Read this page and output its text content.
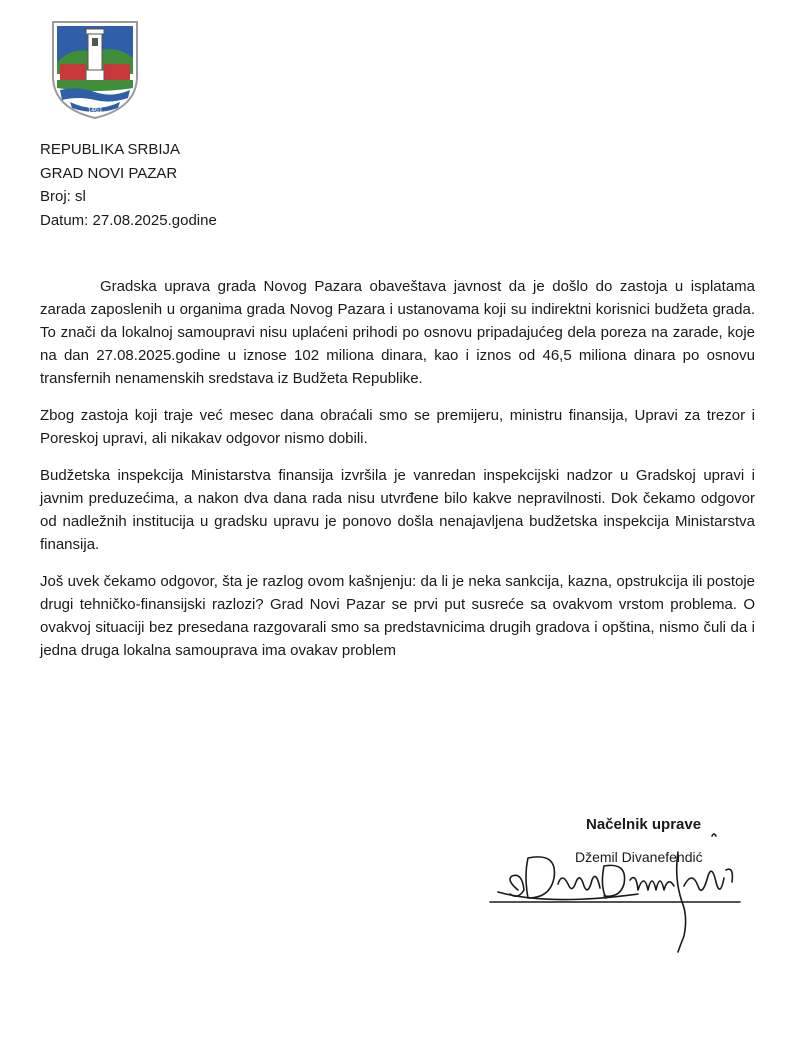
1461
REPUBLIKA SRBIJA
GRAD NOVI PAZAR
Broj: sl
Datum: 27.08.2025.godine

Gradska uprava grada Novog Pazara obaveštava javnost da je došlo do zastoja u isplatama zarada zaposlenih u organima grada Novog Pazara i ustanovama koji su indirektni korisnici budžeta grada. To znači da lokalnoj samoupravi nisu uplaćeni prihodi po osnovu pripadajućeg dela poreza na zarade, koje na dan 27.08.2025.godine u iznose 102 miliona dinara, kao i iznos od 46,5 miliona dinara po osnovu transfernih nenamenskih sredstava iz Budžeta Republike.

Zbog zastoja koji traje već mesec dana obraćali smo se premijeru, ministru finansija, Upravi za trezor i Poreskoj upravi, ali nikakav odgovor nismo dobili.

Budžetska inspekcija Ministarstva finansija izvršila je vanredan inspekcijski nadzor u Gradskoj upravi i javnim preduzećima, a nakon dva dana rada nisu utvrđene bilo kakve nepravilnosti. Dok čekamo odgovor od nadležnih institucija u gradsku upravu je ponovo došla nenajavljena budžetska inspekcija Ministarstva finansija.

Još uvek čekamo odgovor, šta je razlog ovom kašnjenju: da li je neka sankcija, kazna, opstrukcija ili postoje drugi tehničko-finansijski razlozi? Grad Novi Pazar se prvi put susreće sa ovakvom vrstom problema. O ovakvoj situaciji bez presedana razgovarali smo sa predstavnicima drugih gradova i opština, nismo čuli da i jedna druga lokalna samouprava ima ovakav problem

Načelnik uprave
Džemil Divanefendić
